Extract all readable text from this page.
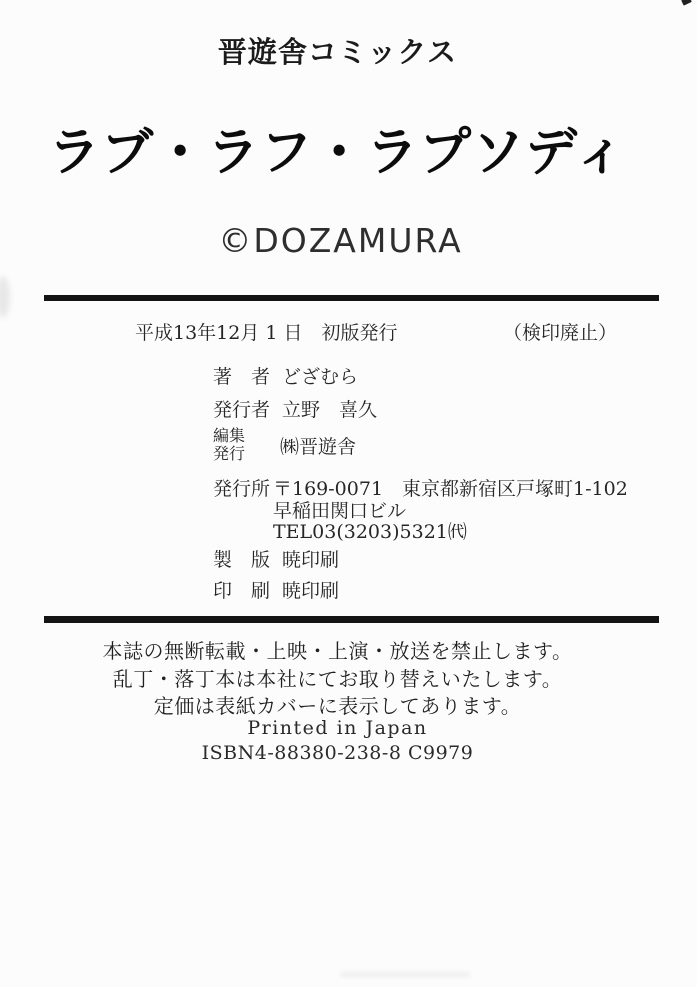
晋遊舎コミックス
ラブ・ラフ・ラプソディ
©DOZAMURA
平成13年12月 1 日　初版発行	（検印廃止）
著　者 どざむら
発行者 立野　喜久
編集
発行 ㈱晋遊舎
発行所 〒169-0071　東京都新宿区戸塚町1-102
早稲田関口ビル
TEL03(3203)5321㈹
製　版 暁印刷
印　刷 暁印刷
本誌の無断転載・上映・上演・放送を禁止します。
乱丁・落丁本は本社にてお取り替えいたします。
定価は表紙カバーに表示してあります。
Printed in Japan
ISBN4-88380-238-8 C9979
